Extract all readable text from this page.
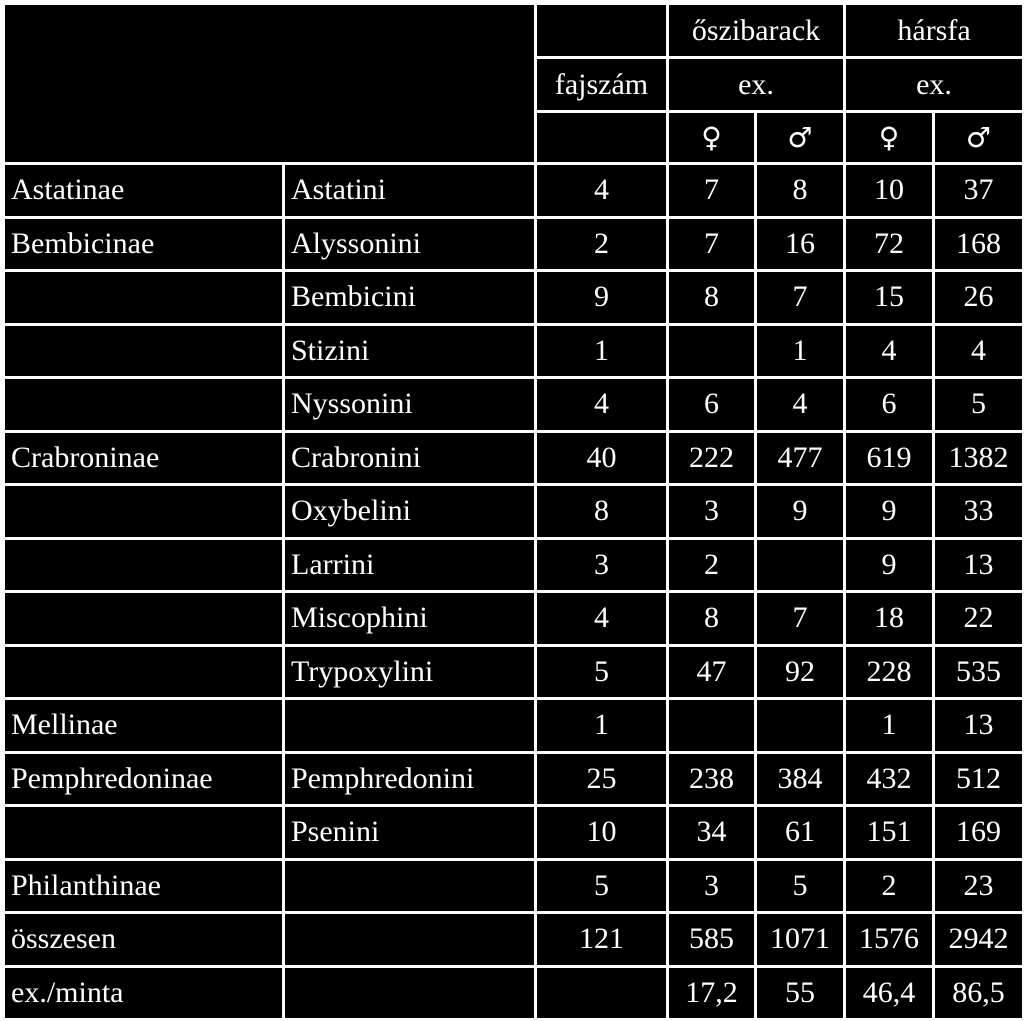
			őszibarack		hársfa	
		fajszám	ex.		ex.	
			♀	♂	♀	♂
Astatinae	Astatini	4	7	8	10	37
Bembicinae	Alyssonini	2	7	16	72	168
	Bembicini	9	8	7	15	26
	Stizini	1		1	4	4
	Nyssonini	4	6	4	6	5
Crabroninae	Crabronini	40	222	477	619	1382
	Oxybelini	8	3	9	9	33
	Larrini	3	2		9	13
	Miscophini	4	8	7	18	22
	Trypoxylini	5	47	92	228	535
Mellinae		1			1	13
Pemphredoninae	Pemphredonini	25	238	384	432	512
	Psenini	10	34	61	151	169
Philanthinae		5	3	5	2	23
összesen		121	585	1071	1576	2942
ex./minta			17,2	55	46,4	86,5
